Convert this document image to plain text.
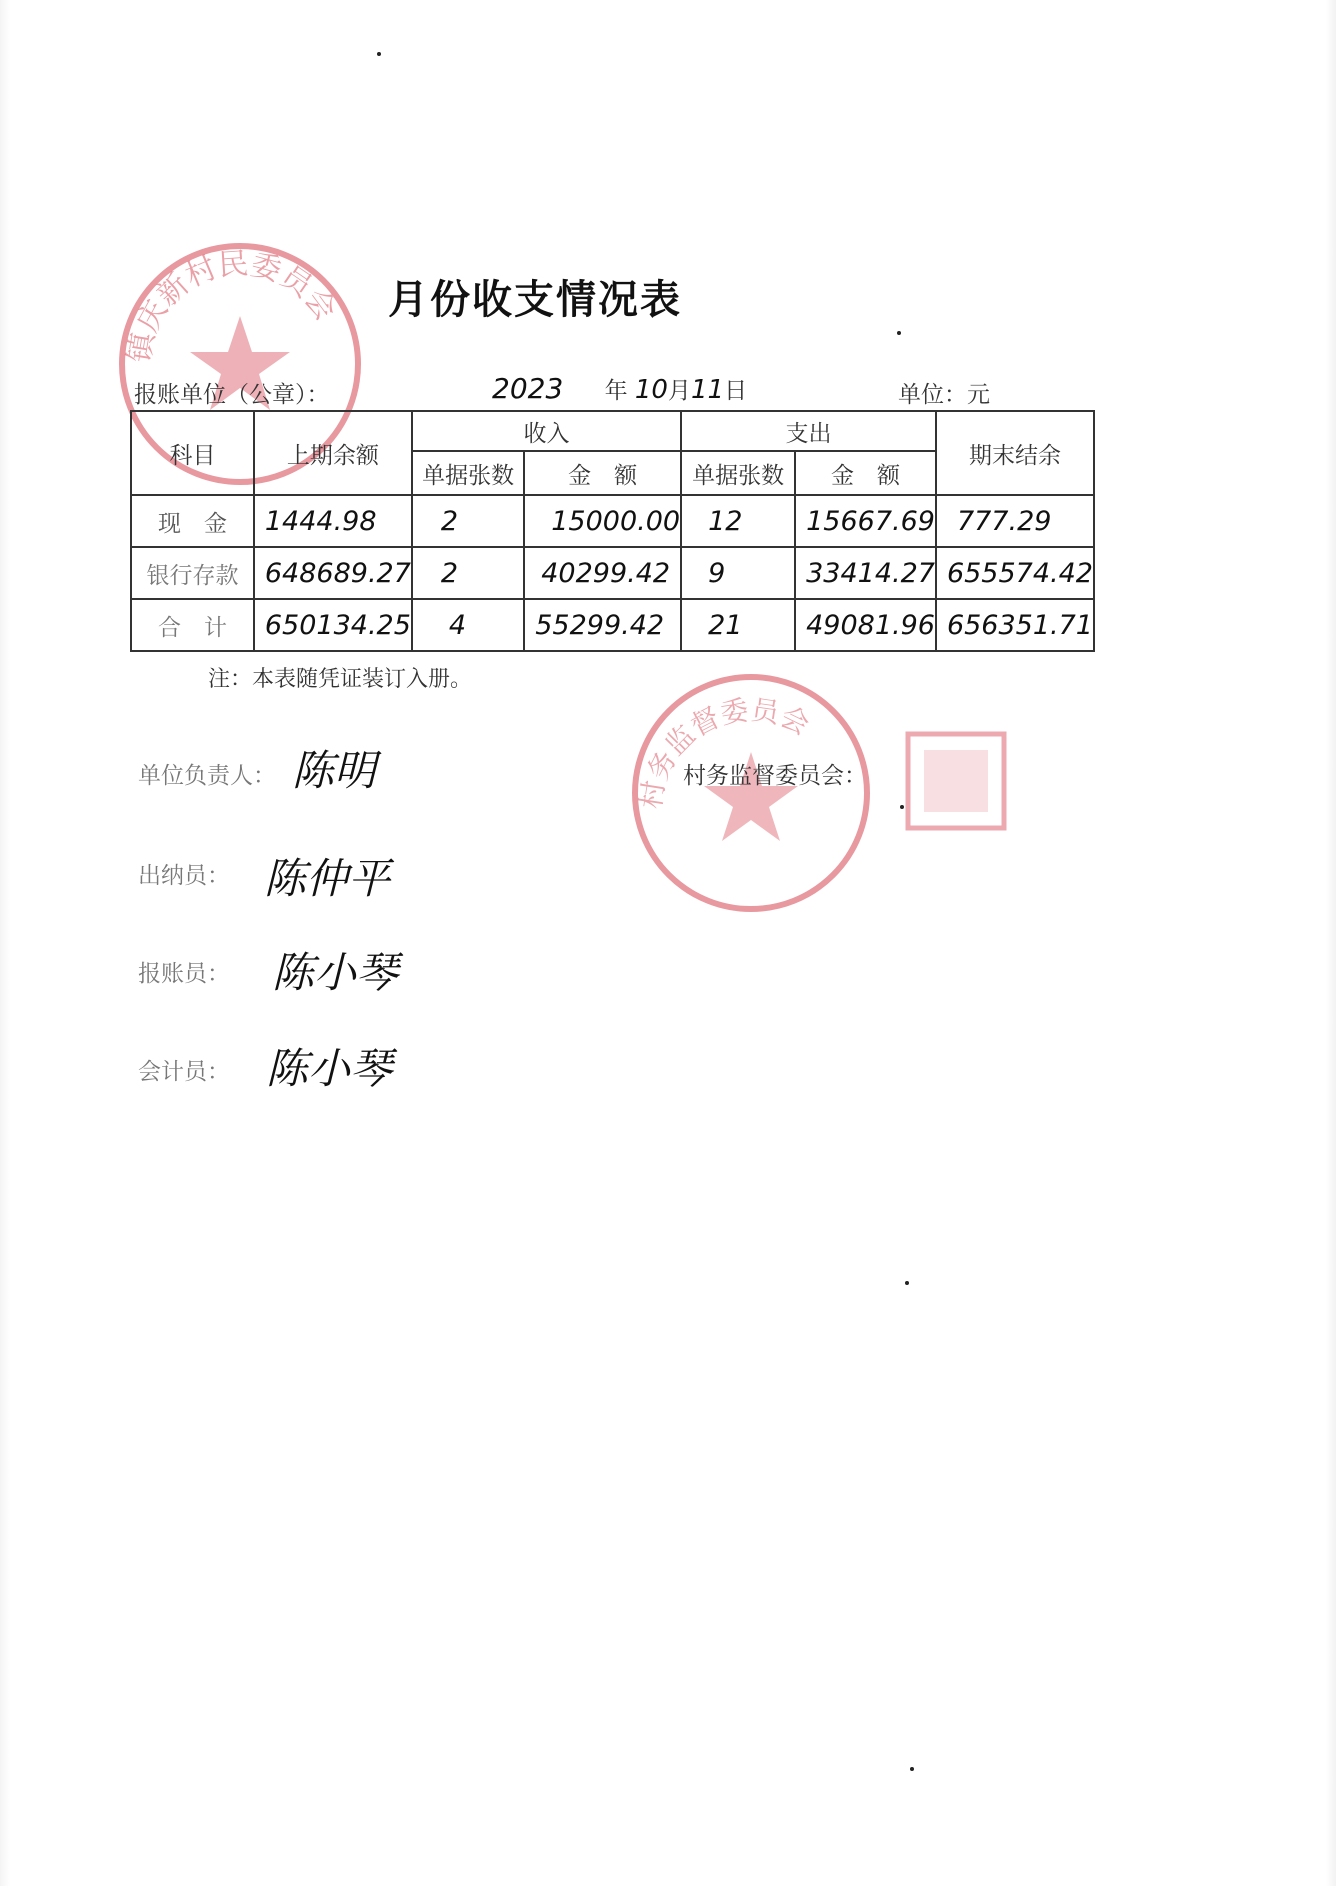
镇庆新村民委员会 月份收支情况表
报账单位（公章）：	2023 年 10月11日	单位：元
科目	上期余额	收入		支出		期末结余
		单据张数	金　额	单据张数	金　额	
现　金	1444.98	2	15000.00	12	15667.69	777.29
银行存款	648689.27	2	40299.42	9	33414.27	655574.42
合　计	650134.25	4	55299.42	21	49081.96	656351.71
注：本表随凭证装订入册。
村务监督委员会
单位负责人： 陈明	村务监督委员会：
出纳员： 陈仲平
报账员： 陈小琴
会计员： 陈小琴
